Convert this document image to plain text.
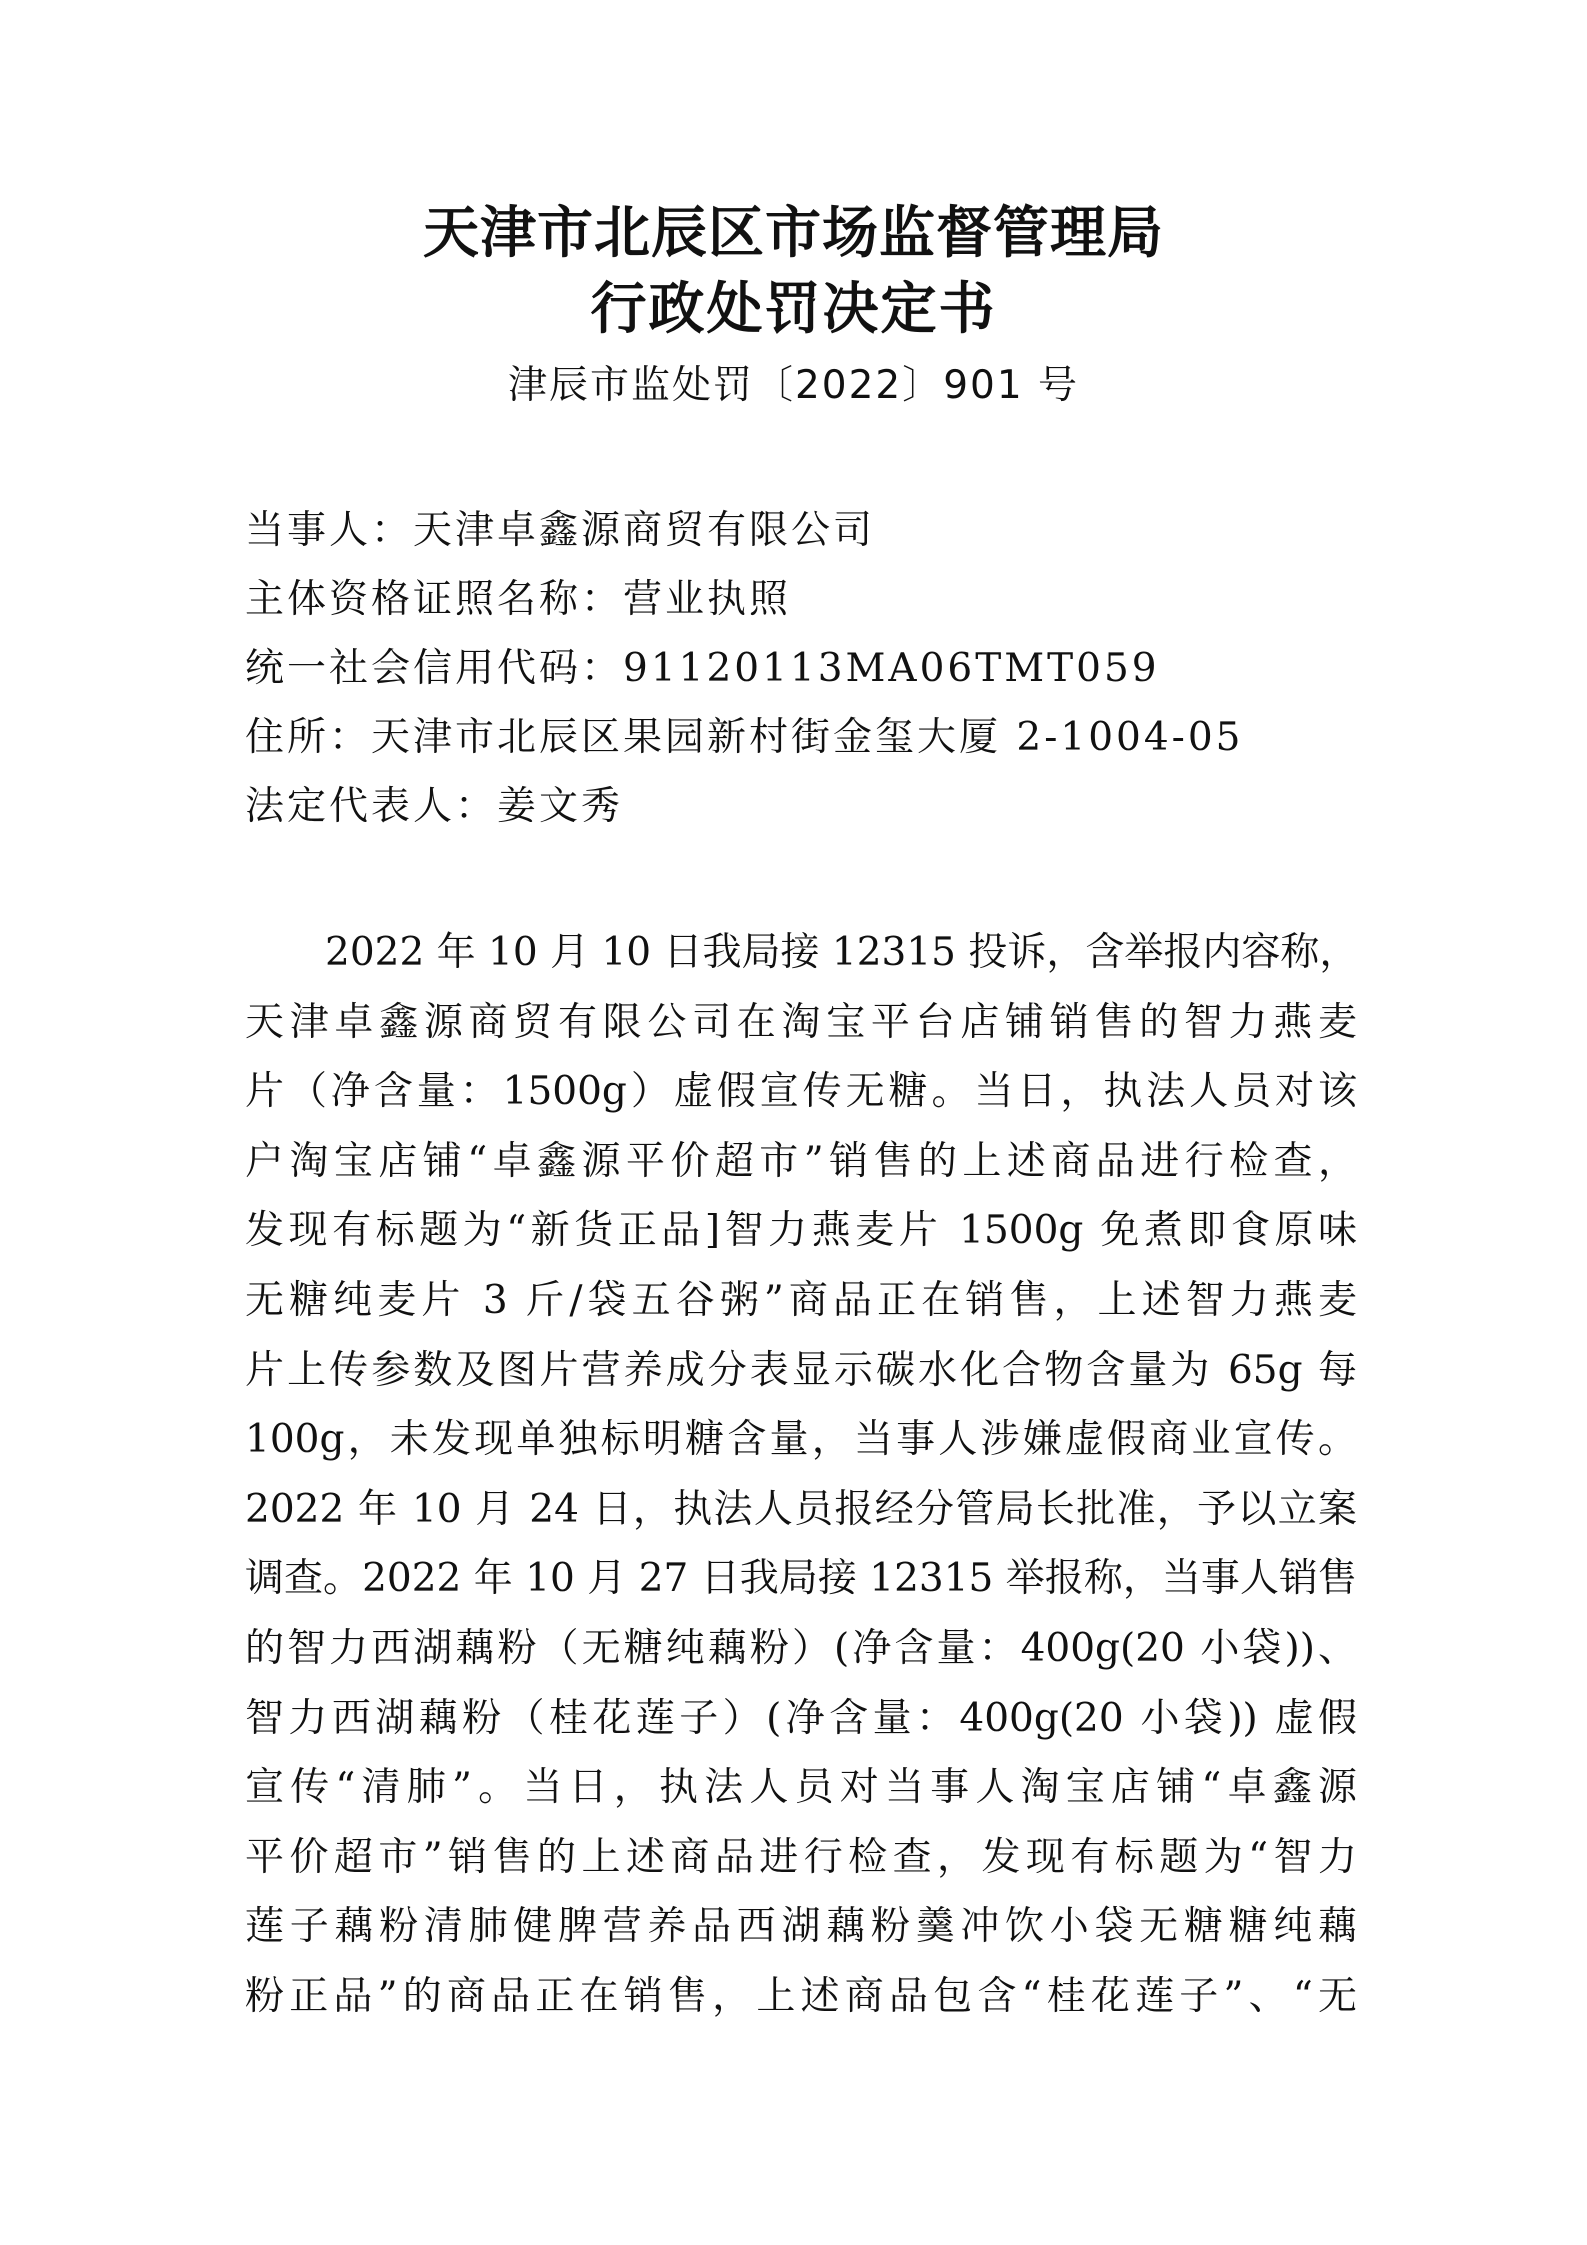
天津市北辰区市场监督管理局
行政处罚决定书
津辰市监处罚〔2022〕901 号
当事人：天津卓鑫源商贸有限公司
主体资格证照名称：营业执照
统一社会信用代码：91120113MA06TMT059
住所：天津市北辰区果园新村街金玺大厦 2-1004-05
法定代表人：姜文秀
2022 年 10 月 10 日我局接 12315 投诉，含举报内容称，
天津卓鑫源商贸有限公司在淘宝平台店铺销售的智力燕麦
片（净含量：1500g）虚假宣传无糖。当日，执法人员对该
户淘宝店铺“卓鑫源平价超市”销售的上述商品进行检查，
发现有标题为“新货正品]智力燕麦片 1500g 免煮即食原味
无糖纯麦片 3 斤/袋五谷粥”商品正在销售，上述智力燕麦
片上传参数及图片营养成分表显示碳水化合物含量为 65g 每
100g，未发现单独标明糖含量，当事人涉嫌虚假商业宣传。
2022 年 10 月 24 日，执法人员报经分管局长批准，予以立案
调查。2022 年 10 月 27 日我局接 12315 举报称，当事人销售
的智力西湖藕粉（无糖纯藕粉）(净含量：400g(20 小袋))、
智力西湖藕粉（桂花莲子）(净含量：400g(20 小袋)) 虚假
宣传“清肺”。当日，执法人员对当事人淘宝店铺“卓鑫源
平价超市”销售的上述商品进行检查，发现有标题为“智力
莲子藕粉清肺健脾营养品西湖藕粉羹冲饮小袋无糖糖纯藕
粉正品”的商品正在销售，上述商品包含“桂花莲子”、“无
